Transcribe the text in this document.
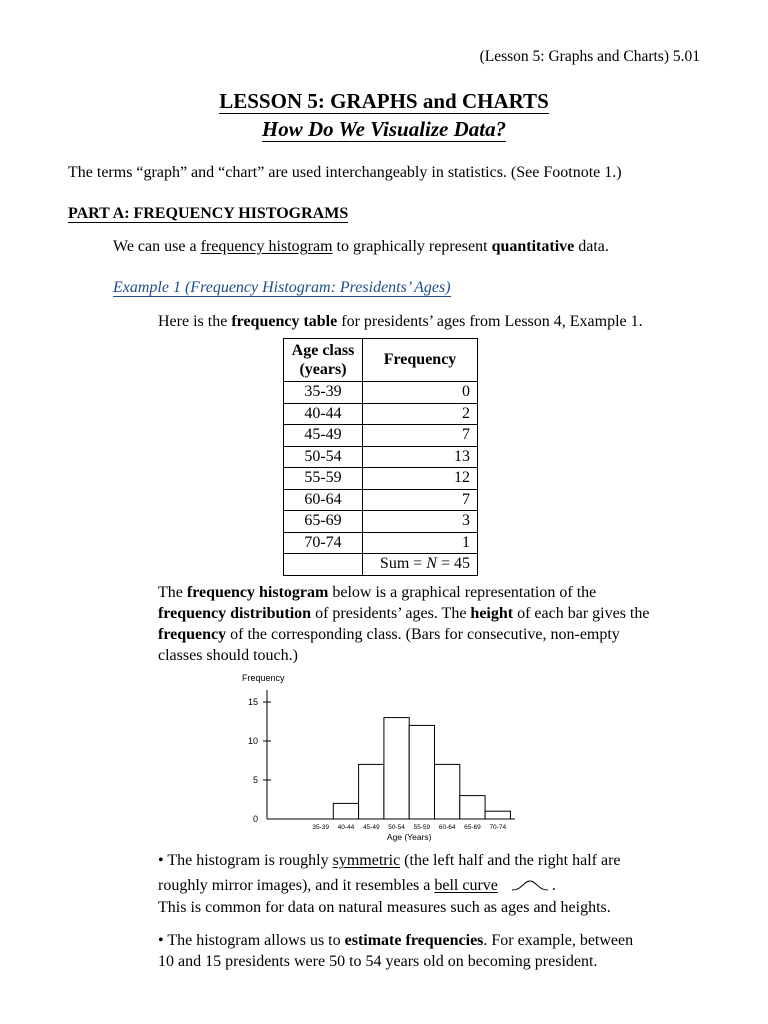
(Lesson 5: Graphs and Charts) 5.01
LESSON 5: GRAPHS and CHARTS
How Do We Visualize Data?
The terms “graph” and “chart” are used interchangeably in statistics. (See Footnote 1.)
PART A: FREQUENCY HISTOGRAMS
We can use a frequency histogram to graphically represent quantitative data.
Example 1 (Frequency Histogram: Presidents’ Ages)
Here is the frequency table for presidents’ ages from Lesson 4, Example 1.
Age class
(years)	Frequency
35-39	0
40-44	2
45-49	7
50-54	13
55-59	12
60-64	7
65-69	3
70-74	1
	Sum = N = 45
The frequency histogram below is a graphical representation of the
frequency distribution of presidents’ ages. The height of each bar gives the
frequency of the corresponding class. (Bars for consecutive, non-empty
classes should touch.)
Frequency
0
5
10
15
35-39 40-44 45-49 50-54 55-59 60-64 65-69 70-74
Age (Years)
• The histogram is roughly symmetric (the left half and the right half are
roughly mirror images), and it resembles a bell curve	.
This is common for data on natural measures such as ages and heights.
• The histogram allows us to estimate frequencies. For example, between
10 and 15 presidents were 50 to 54 years old on becoming president.
